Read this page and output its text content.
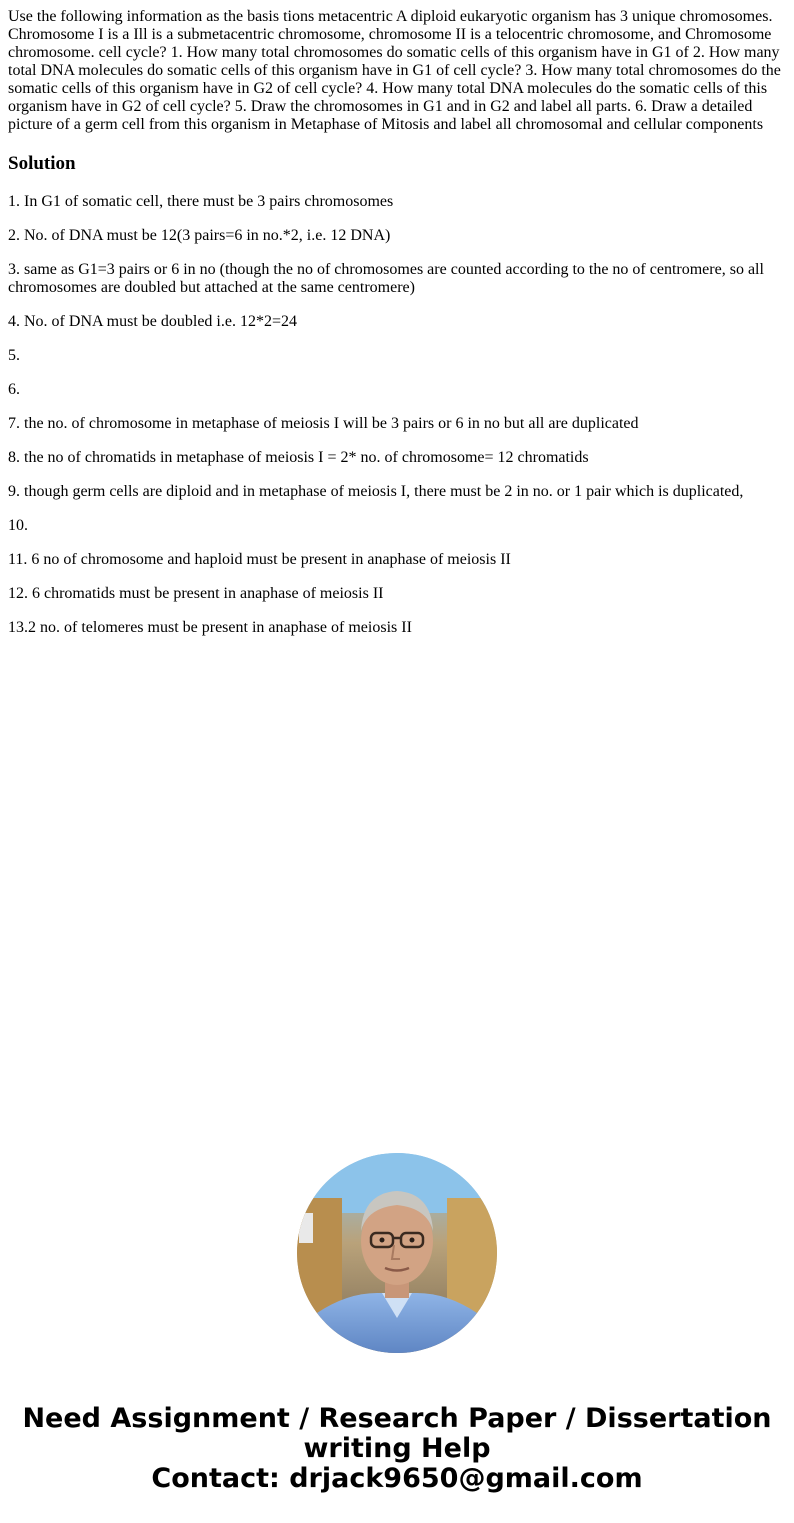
Use the following information as the basis tions metacentric A diploid eukaryotic organism has 3 unique chromosomes. Chromosome I is a Ill is a submetacentric chromosome, chromosome II is a telocentric chromosome, and Chromosome chromosome. cell cycle? 1. How many total chromosomes do somatic cells of this organism have in G1 of 2. How many total DNA molecules do somatic cells of this organism have in G1 of cell cycle? 3. How many total chromosomes do the somatic cells of this organism have in G2 of cell cycle? 4. How many total DNA molecules do the somatic cells of this organism have in G2 of cell cycle? 5. Draw the chromosomes in G1 and in G2 and label all parts. 6. Draw a detailed picture of a germ cell from this organism in Metaphase of Mitosis and label all chromosomal and cellular components

Solution
1. In G1 of somatic cell, there must be 3 pairs chromosomes
2. No. of DNA must be 12(3 pairs=6 in no.*2, i.e. 12 DNA)
3. same as G1=3 pairs or 6 in no (though the no of chromosomes are counted according to the no of centromere, so all chromosomes are doubled but attached at the same centromere)
4. No. of DNA must be doubled i.e. 12*2=24
5.
6.
7. the no. of chromosome in metaphase of meiosis I will be 3 pairs or 6 in no but all are duplicated
8. the no of chromatids in metaphase of meiosis I = 2* no. of chromosome= 12 chromatids
9. though germ cells are diploid and in metaphase of meiosis I, there must be 2 in no. or 1 pair which is duplicated,
10.
11. 6 no of chromosome and haploid must be present in anaphase of meiosis II
12. 6 chromatids must be present in anaphase of meiosis II
13.2 no. of telomeres must be present in anaphase of meiosis II
Need Assignment / Research Paper / Dissertation
writing Help
Contact: drjack9650@gmail.com
